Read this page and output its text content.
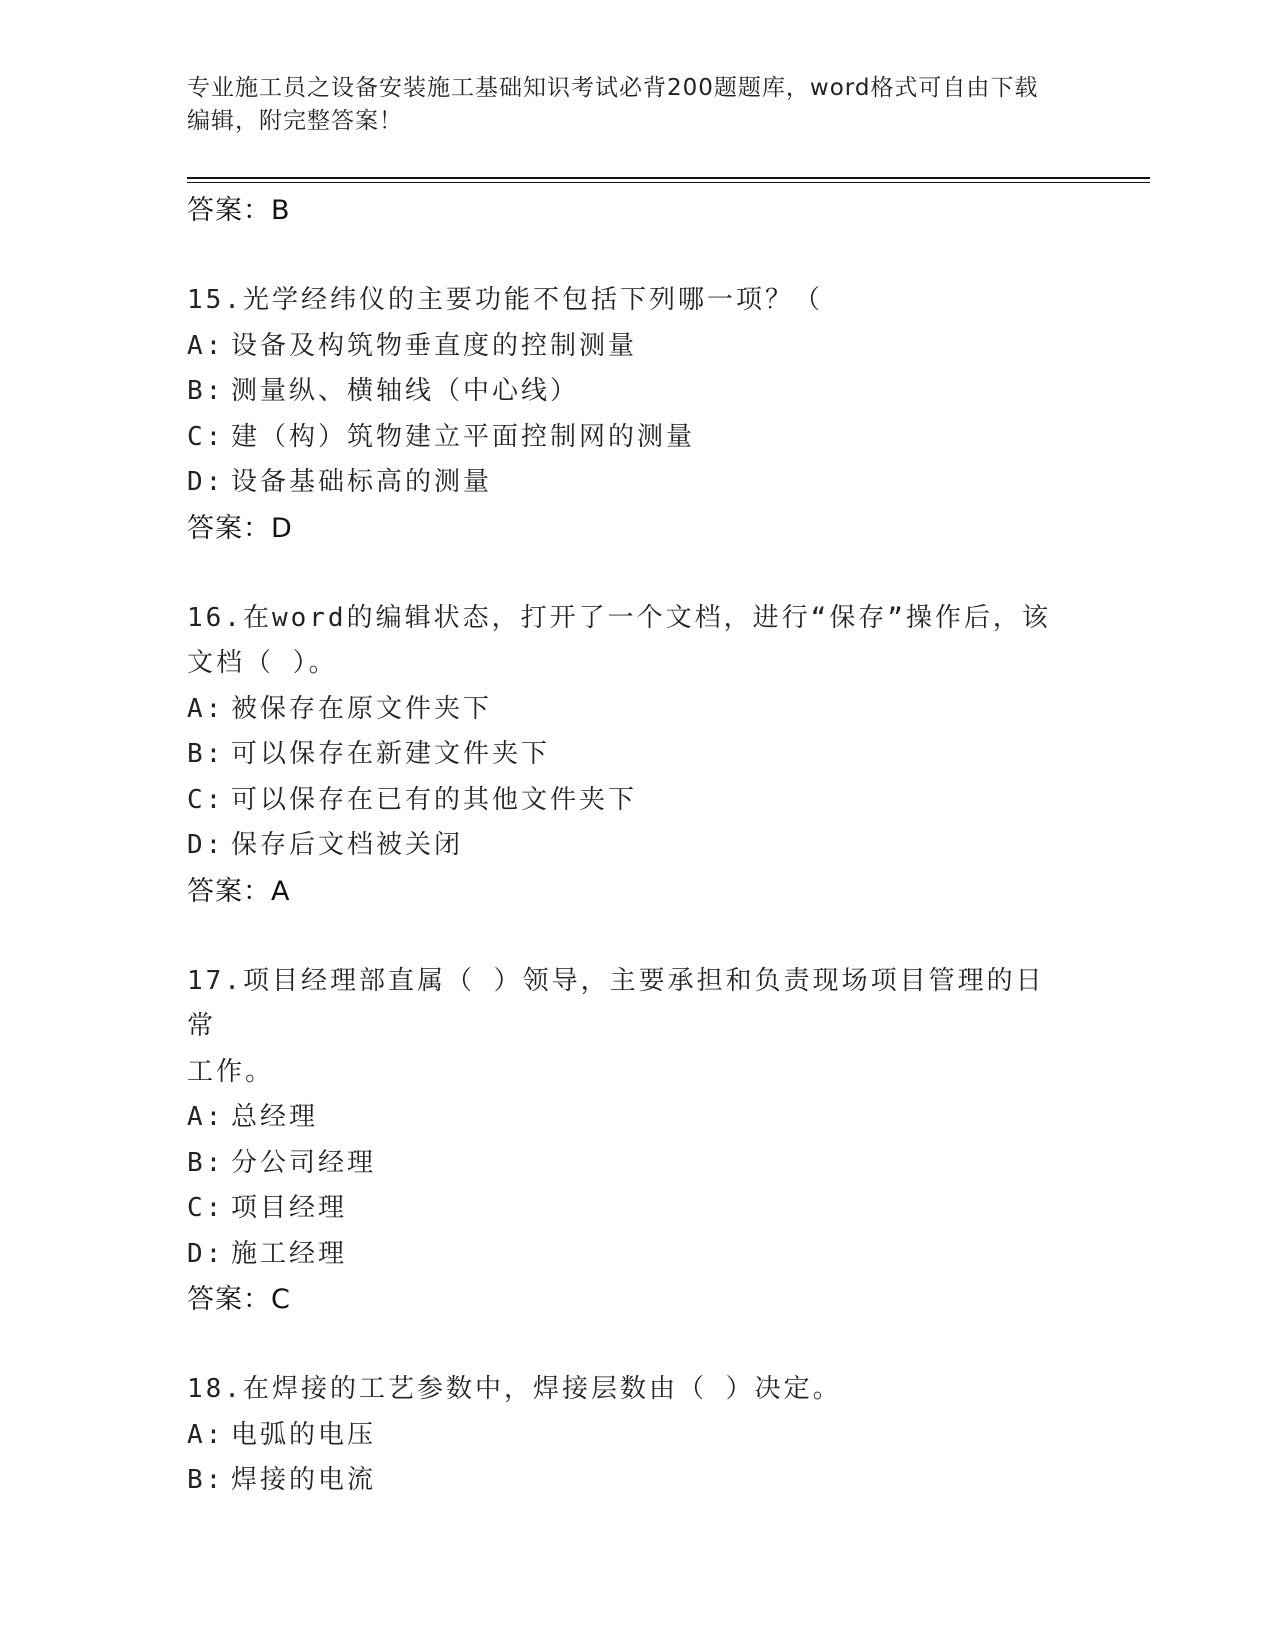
专业施工员之设备安装施工基础知识考试必背200题题库，word格式可自由下载
编辑，附完整答案！
答案：B
15.光学经纬仪的主要功能不包括下列哪一项？（
A: 设备及构筑物垂直度的控制测量
B: 测量纵、横轴线（中心线）
C: 建（构）筑物建立平面控制网的测量
D: 设备基础标高的测量
答案：D
16.在word的编辑状态，打开了一个文档，进行“保存”操作后，该
文档（ ）。
A: 被保存在原文件夹下
B: 可以保存在新建文件夹下
C: 可以保存在已有的其他文件夹下
D: 保存后文档被关闭
答案：A
17.项目经理部直属（ ）领导，主要承担和负责现场项目管理的日常
工作。
A: 总经理
B: 分公司经理
C: 项目经理
D: 施工经理
答案：C
18.在焊接的工艺参数中，焊接层数由（ ）决定。
A: 电弧的电压
B: 焊接的电流
